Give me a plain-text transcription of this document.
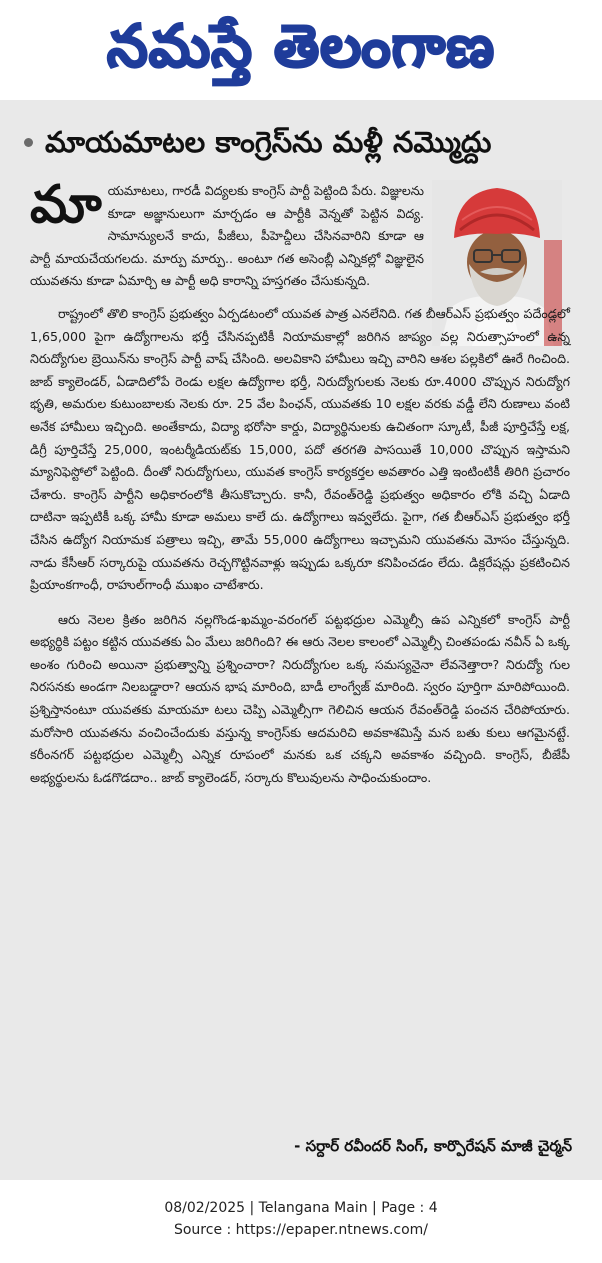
నమస్తే తెలంగాణ
మాయమాటల కాంగ్రెస్‌ను మళ్లీ నమ్మొద్దు

మాయమాటలు, గారడీ విద్యలకు కాంగ్రెస్ పార్టీ పెట్టింది పేరు. విజ్ఞులను కూడా అజ్ఞానులుగా మార్చడం ఆ పార్టీకి వెన్నతో పెట్టిన విద్య. సామాన్యులనే కాదు, పీజీలు, పీహెచ్డీలు చేసినవారిని కూడా ఆ పార్టీ మాయచేయగలదు. మార్పు మార్పు.. అంటూ గత అసెంబ్లీ ఎన్నికల్లో విజ్ఞులైన యువతను కూడా ఏమార్చి ఆ పార్టీ అధి కారాన్ని హస్తగతం చేసుకున్నది.

రాష్ట్రంలో తొలి కాంగ్రెస్ ప్రభుత్వం ఏర్పడటంలో యువత పాత్ర ఎనలేనిది. గత బీఆర్‌ఎస్ ప్రభుత్వం పదేండ్లలో 1,65,000 పైగా ఉద్యోగాలను భర్తీ చేసినప్పటికీ నియామకాల్లో జరిగిన జాప్యం వల్ల నిరుత్సాహంలో ఉన్న నిరుద్యోగుల బ్రెయిన్‌ను కాంగ్రెస్ పార్టీ వాష్ చేసింది. అలవికాని హామీలు ఇచ్చి వారిని ఆశల పల్లకిలో ఊరే గించింది. జాబ్ క్యాలెండర్, ఏడాదిలోపే రెండు లక్షల ఉద్యోగాల భర్తీ, నిరుద్యోగులకు నెలకు రూ.4000 చొప్పున నిరుద్యోగ భృతి, అమరుల కుటుంబాలకు నెలకు రూ. 25 వేల పింఛన్, యువతకు 10 లక్షల వరకు వడ్డీ లేని రుణాలు వంటి అనేక హామీలు ఇచ్చింది. అంతేకాదు, విద్యా భరోసా కార్డు, విద్యార్థినులకు ఉచితంగా స్కూటీ, పీజీ పూర్తిచేస్తే లక్ష, డిగ్రీ పూర్తిచేస్తే 25,000, ఇంటర్మీడియట్‌కు 15,000, పదో తరగతి పాసయితే 10,000 చొప్పున ఇస్తామని మ్యానిఫెస్టోలో పెట్టింది. దీంతో నిరుద్యోగులు, యువత కాంగ్రెస్ కార్యకర్తల అవతారం ఎత్తి ఇంటింటికీ తిరిగి ప్రచారం చేశారు. కాంగ్రెస్ పార్టీని అధికారంలోకి తీసుకొచ్చారు. కానీ, రేవంత్‌రెడ్డి ప్రభుత్వం అధికారం లోకి వచ్చి ఏడాది దాటినా ఇప్పటికీ ఒక్క హామీ కూడా అమలు కాలే దు. ఉద్యోగాలు ఇవ్వలేదు. పైగా, గత బీఆర్‌ఎస్ ప్రభుత్వం భర్తీ చేసిన ఉద్యోగ నియామక పత్రాలు ఇచ్చి, తామే 55,000 ఉద్యోగాలు ఇచ్చామని యువతను మోసం చేస్తున్నది. నాడు కేసీఆర్ సర్కారుపై యువతను రెచ్చగొట్టినవాళ్లు ఇప్పుడు ఒక్కరూ కనిపించడం లేదు. డిక్లరేషన్లు ప్రకటించిన ప్రియాంకగాంధీ, రాహుల్‌గాంధీ ముఖం చాటేశారు.

ఆరు నెలల క్రితం జరిగిన నల్లగొండ-ఖమ్మం-వరంగల్ పట్టభద్రుల ఎమ్మెల్సీ ఉప ఎన్నికలో కాంగ్రెస్ పార్టీ అభ్యర్థికి పట్టం కట్టిన యువతకు ఏం మేలు జరిగింది? ఈ ఆరు నెలల కాలంలో ఎమ్మెల్సీ చింతపండు నవీన్ ఏ ఒక్క అంశం గురించి అయినా ప్రభుత్వాన్ని ప్రశ్నించారా? నిరుద్యోగుల ఒక్క సమస్యనైనా లేవనెత్తారా? నిరుద్యో గుల నిరసనకు అండగా నిలబడ్డారా? ఆయన భాష మారింది, బాడీ లాంగ్వేజ్ మారింది. స్వరం పూర్తిగా మారిపోయింది. ప్రశ్నిస్తానంటూ యువతకు మాయమా టలు చెప్పి ఎమ్మెల్సీగా గెలిచిన ఆయన రేవంత్‌రెడ్డి పంచన చేరిపోయారు. మరోసారి యువతను వంచించేందుకు వస్తున్న కాంగ్రెస్‌కు ఆదమరిచి అవకాశమిస్తే మన బతు కులు ఆగమైనట్టే. కరీంనగర్ పట్టభద్రుల ఎమ్మెల్సీ ఎన్నిక రూపంలో మనకు ఒక చక్కని అవకాశం వచ్చింది. కాంగ్రెస్, బీజేపీ అభ్యర్థులను ఓడగొడదాం.. జాబ్ క్యాలెండర్, సర్కారు కొలువులను సాధించుకుందాం.

- సర్దార్ రవీందర్ సింగ్, కార్పొరేషన్ మాజీ చైర్మన్
08/02/2025 | Telangana Main | Page : 4
Source : https://epaper.ntnews.com/
